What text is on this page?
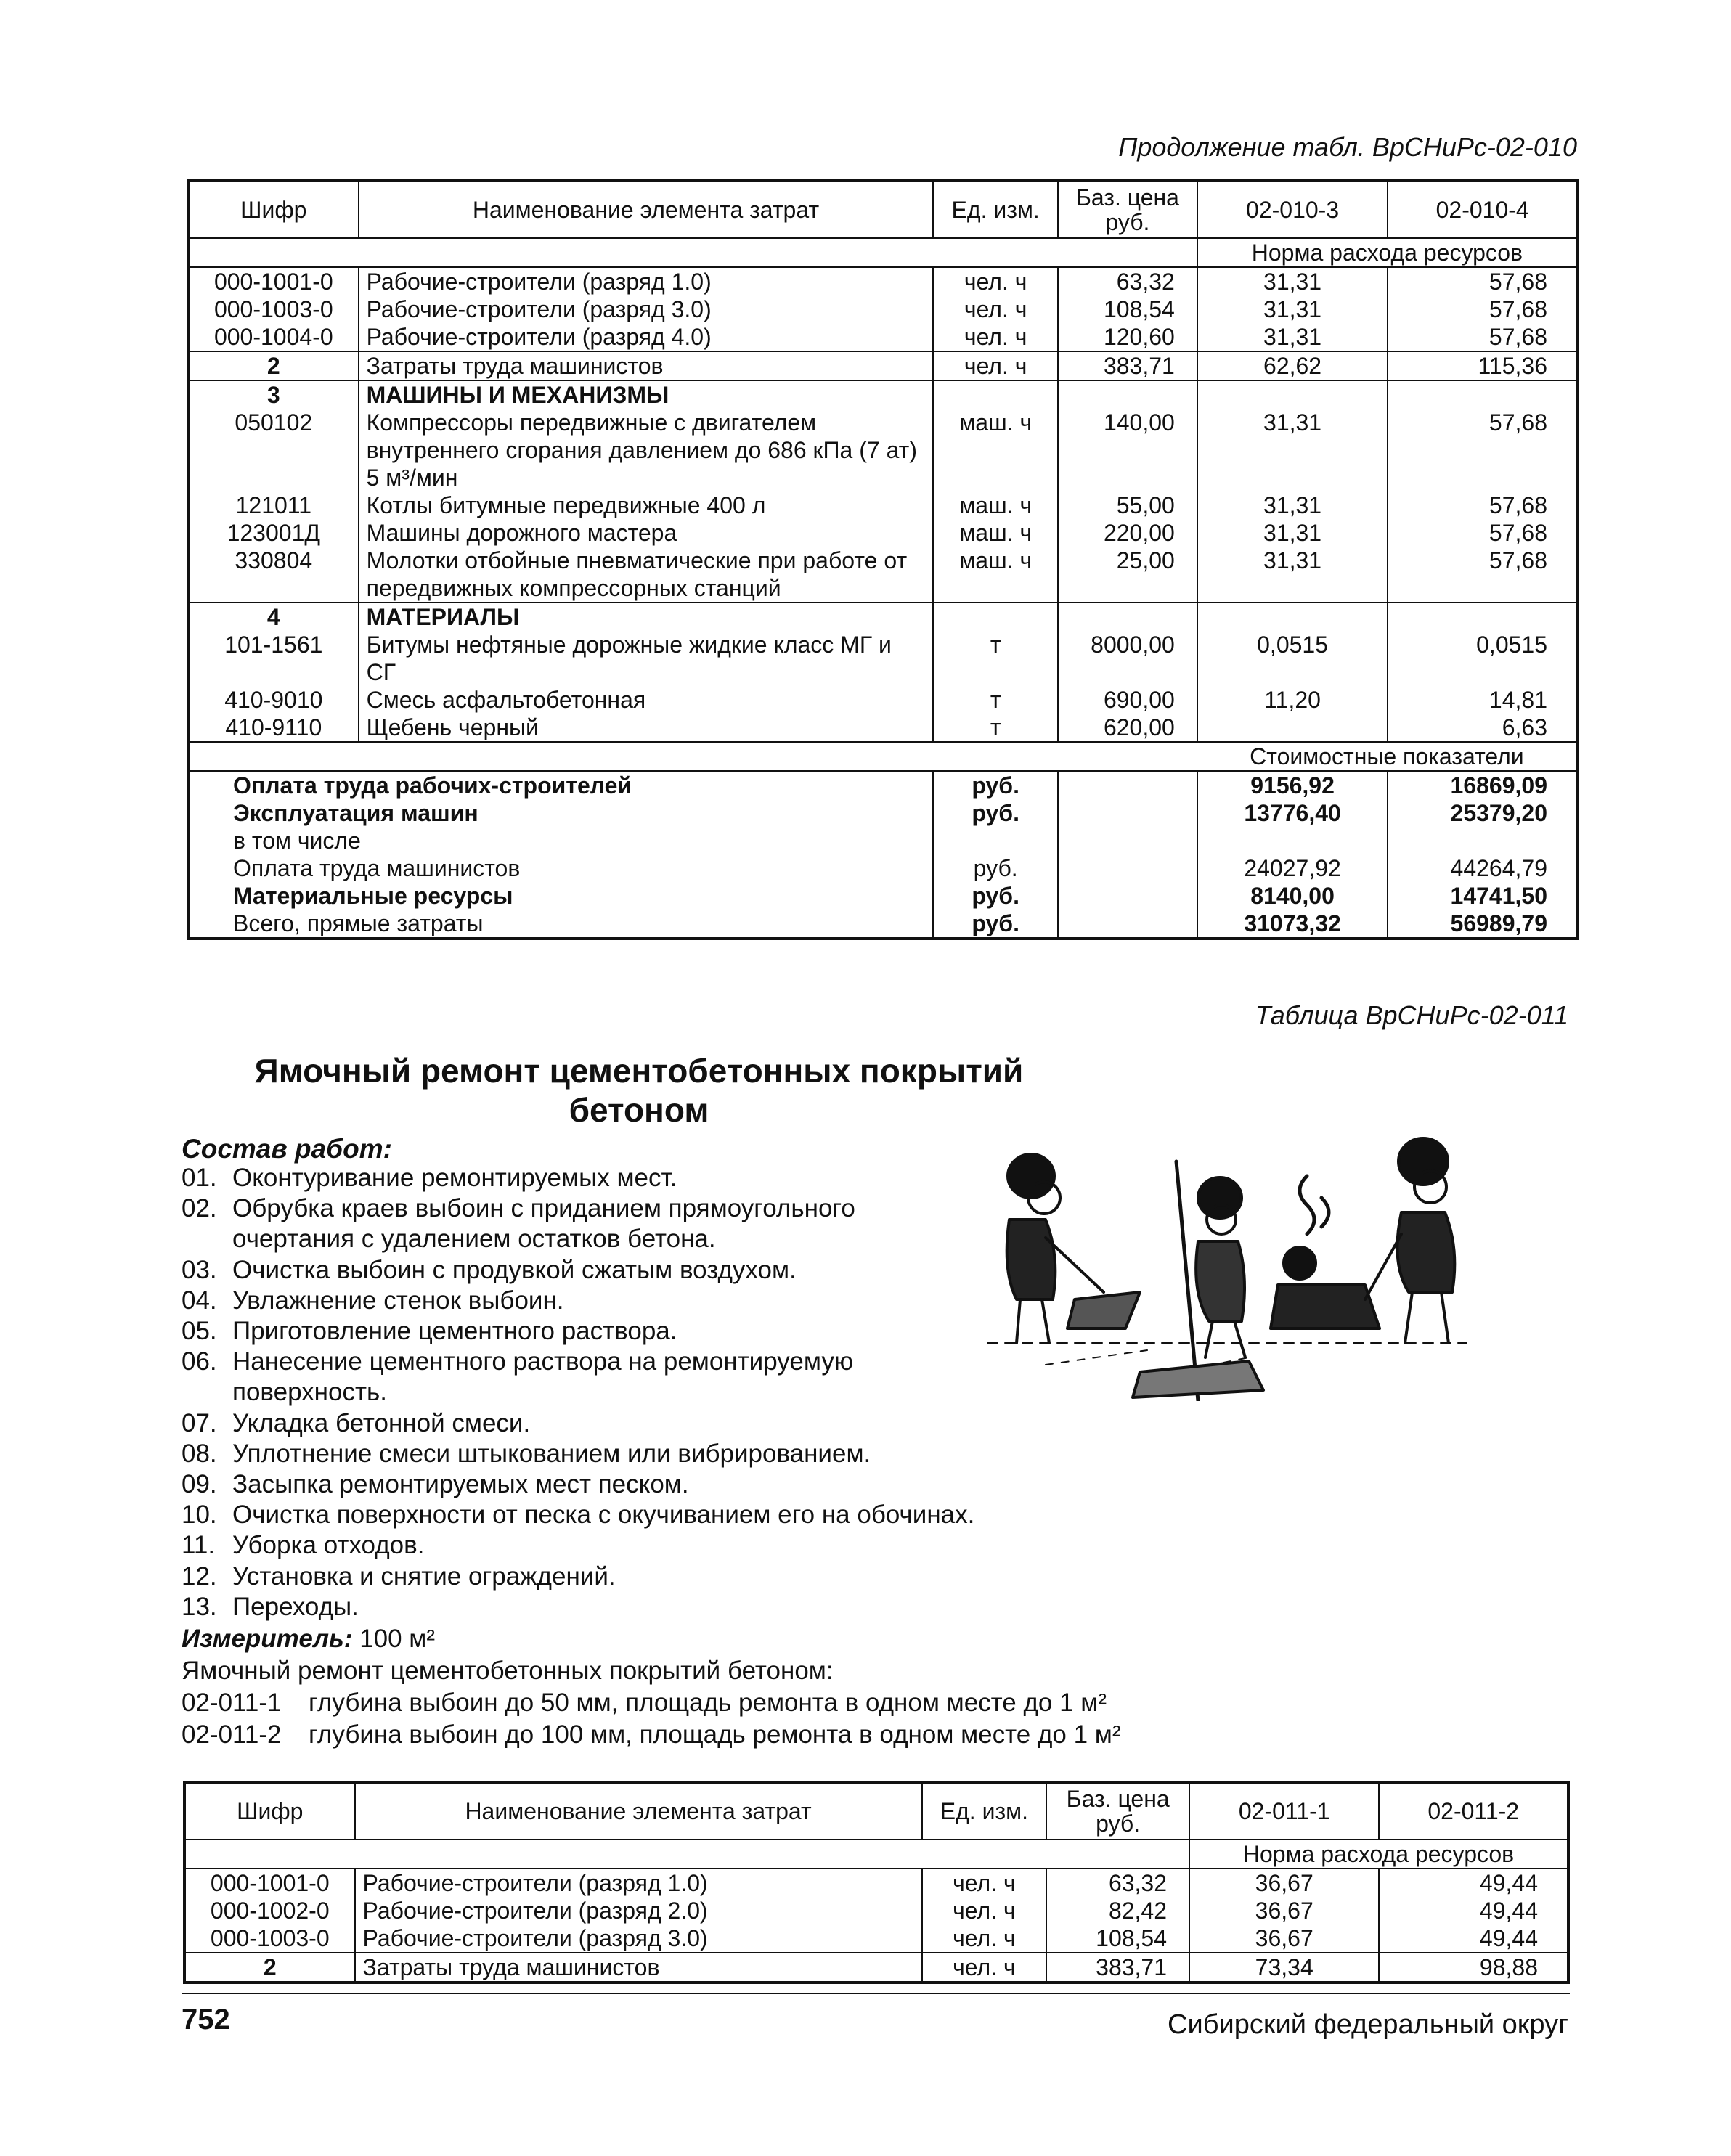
Продолжение табл. ВрСНиРс-02-010
Шифр	Наименование элемента затрат	Ед. изм.	Баз. цена руб.	02-010-3	02-010-4
				Норма расхода ресурсов	
000-1001-0	Рабочие-строители (разряд 1.0)	чел. ч	63,32	31,31	57,68
000-1003-0	Рабочие-строители (разряд 3.0)	чел. ч	108,54	31,31	57,68
000-1004-0	Рабочие-строители (разряд 4.0)	чел. ч	120,60	31,31	57,68
2	Затраты труда машинистов	чел. ч	383,71	62,62	115,36
3	МАШИНЫ И МЕХАНИЗМЫ				
050102	Компрессоры передвижные с двигателем внутреннего сгорания давлением до 686 кПа (7 ат) 5 м³/мин	маш. ч	140,00	31,31	57,68
121011	Котлы битумные передвижные 400 л	маш. ч	55,00	31,31	57,68
123001Д	Машины дорожного мастера	маш. ч	220,00	31,31	57,68
330804	Молотки отбойные пневматические при работе от передвижных компрессорных станций	маш. ч	25,00	31,31	57,68
4	МАТЕРИАЛЫ				
101-1561	Битумы нефтяные дорожные жидкие класс МГ и СГ	т	8000,00	0,0515	0,0515
410-9010	Смесь асфальтобетонная	т	690,00	11,20	14,81
410-9110	Щебень черный	т	620,00		6,63
				Стоимостные показатели	
Оплата труда рабочих-строителей		руб.		9156,92	16869,09
Эксплуатация машин		руб.		13776,40	25379,20
в том числе					
Оплата труда машинистов		руб.		24027,92	44264,79
Материальные ресурсы		руб.		8140,00	14741,50
Всего, прямые затраты		руб.		31073,32	56989,79
Таблица ВрСНиРс-02-011
Ямочный ремонт цементобетонных покрытий
бетоном
Состав работ:
01. Оконтуривание ремонтируемых мест.
02. Обрубка краев выбоин с приданием прямоугольного
очертания с удалением остатков бетона.
03. Очистка выбоин с продувкой сжатым воздухом.
04. Увлажнение стенок выбоин.
05. Приготовление цементного раствора.
06. Нанесение цементного раствора на ремонтируемую
поверхность.
07. Укладка бетонной смеси.
08. Уплотнение смеси штыкованием или вибрированием.
09. Засыпка ремонтируемых мест песком.
10. Очистка поверхности от песка с окучиванием его на обочинах.
11. Уборка отходов.
12. Установка и снятие ограждений.
13. Переходы.
Измеритель: 100 м²
Ямочный ремонт цементобетонных покрытий бетоном:
02-011-1 глубина выбоин до 50 мм, площадь ремонта в одном месте до 1 м²
02-011-2 глубина выбоин до 100 мм, площадь ремонта в одном месте до 1 м²
Шифр	Наименование элемента затрат	Ед. изм.	Баз. цена руб.	02-011-1	02-011-2
				Норма расхода ресурсов	
000-1001-0	Рабочие-строители (разряд 1.0)	чел. ч	63,32	36,67	49,44
000-1002-0	Рабочие-строители (разряд 2.0)	чел. ч	82,42	36,67	49,44
000-1003-0	Рабочие-строители (разряд 3.0)	чел. ч	108,54	36,67	49,44
2	Затраты труда машинистов	чел. ч	383,71	73,34	98,88
752	Сибирский федеральный округ
